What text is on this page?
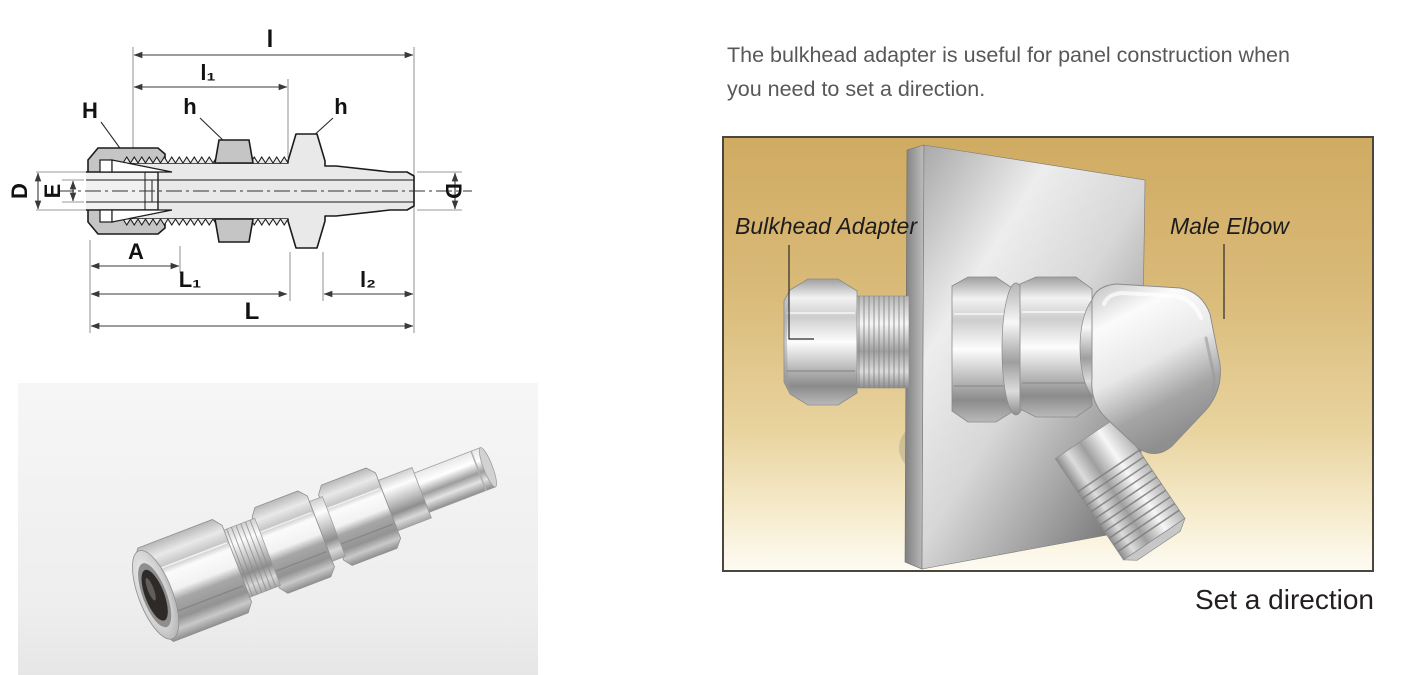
l
l₁
h	h
H
A
L₁	l₂
L
D E	D

The bulkhead adapter is useful for panel construction when

you need to set a direction.

Bulkhead Adapter	Male Elbow
Set a direction
